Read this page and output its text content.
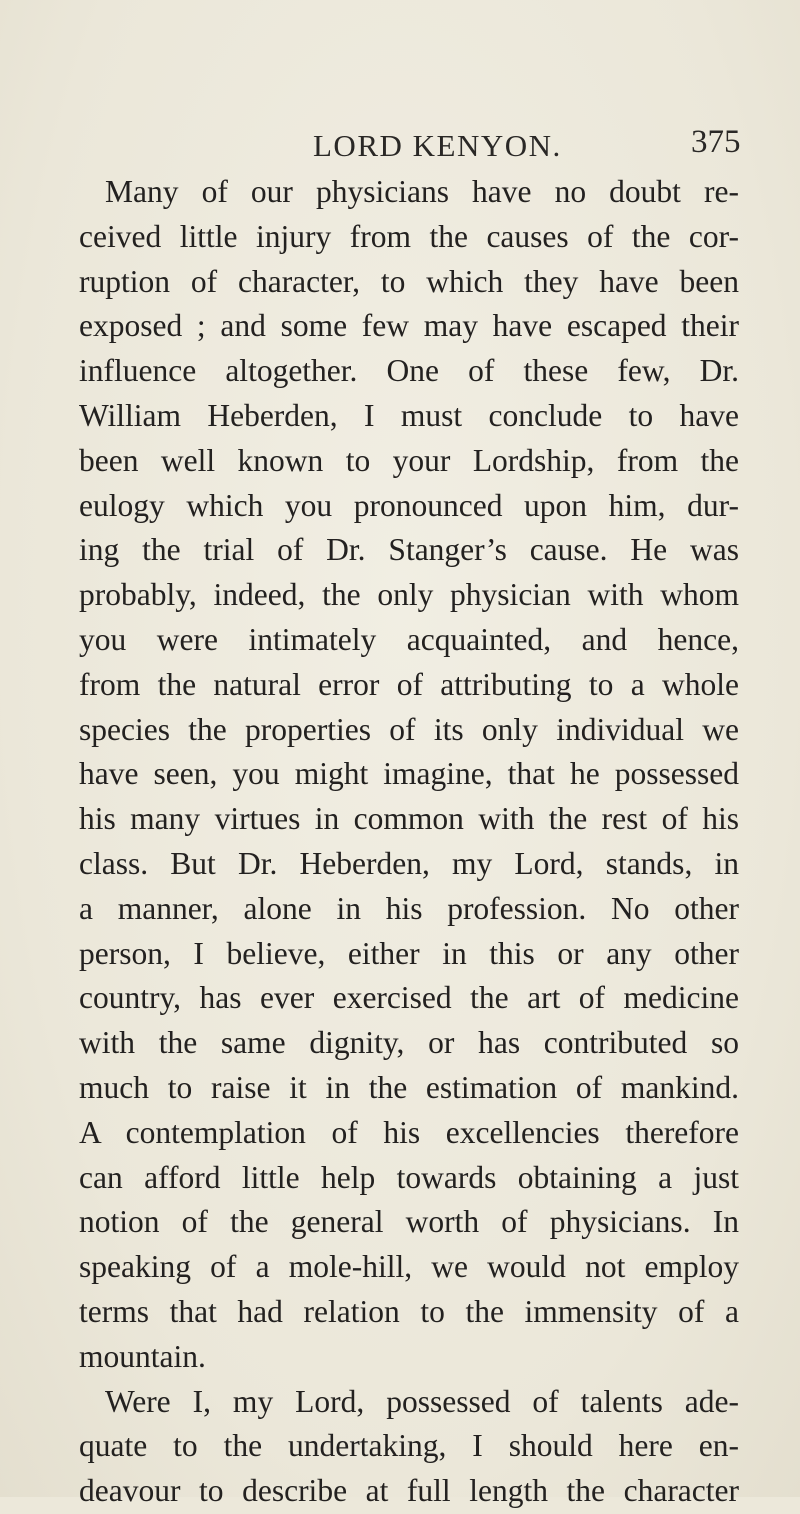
LORD KENYON.	375
Many of our physicians have no doubt re-
ceived little injury from the causes of the cor-
ruption of character, to which they have been
exposed ; and some few may have escaped their
influence altogether. One of these few, Dr.
William Heberden, I must conclude to have
been well known to your Lordship, from the
eulogy which you pronounced upon him, dur-
ing the trial of Dr. Stanger’s cause. He was
probably, indeed, the only physician with whom
you were intimately acquainted, and hence,
from the natural error of attributing to a whole
species the properties of its only individual we
have seen, you might imagine, that he possessed
his many virtues in common with the rest of his
class. But Dr. Heberden, my Lord, stands, in
a manner, alone in his profession. No other
person, I believe, either in this or any other
country, has ever exercised the art of medicine
with the same dignity, or has contributed so
much to raise it in the estimation of mankind.
A contemplation of his excellencies therefore
can afford little help towards obtaining a just
notion of the general worth of physicians. In
speaking of a mole-hill, we would not employ
terms that had relation to the immensity of a
mountain.
Were I, my Lord, possessed of talents ade-
quate to the undertaking, I should here en-
deavour to describe at full length the character
